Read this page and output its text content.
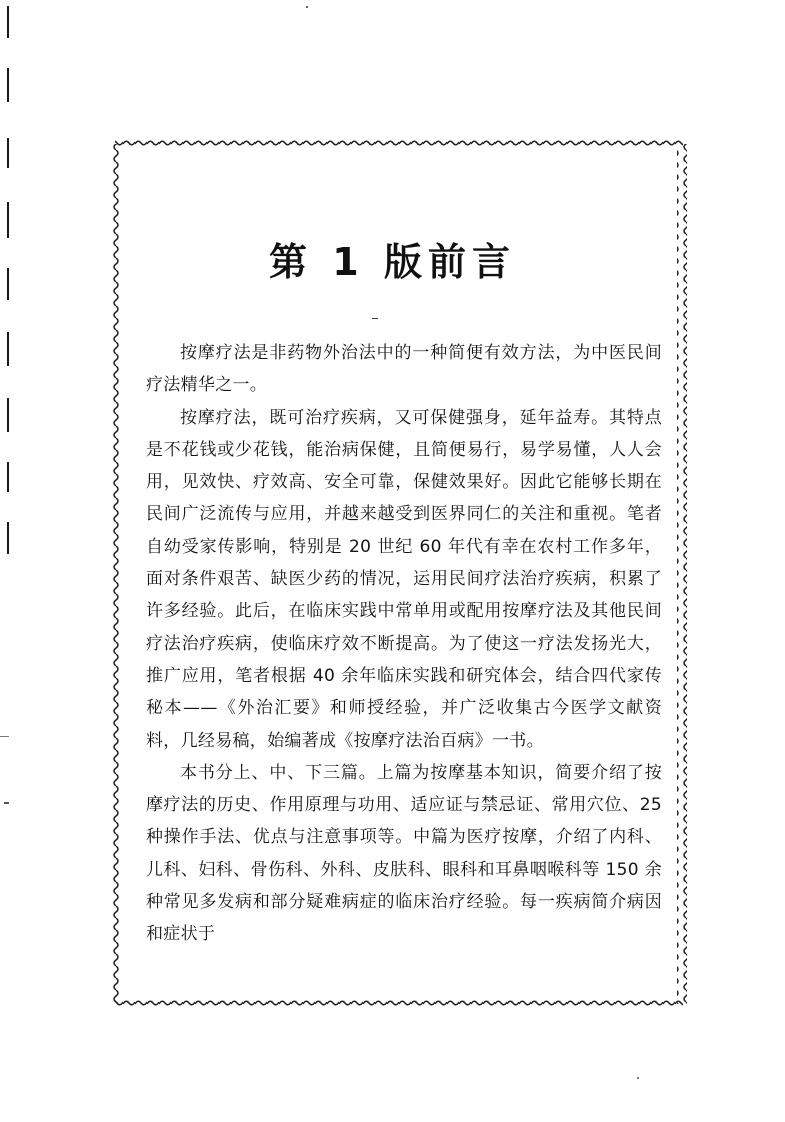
第 1 版前言

按摩疗法是非药物外治法中的一种简便有效方法，为中医民间疗法精华之一。

按摩疗法，既可治疗疾病，又可保健强身，延年益寿。其特点是不花钱或少花钱，能治病保健，且简便易行，易学易懂，人人会用，见效快、疗效高、安全可靠，保健效果好。因此它能够长期在民间广泛流传与应用，并越来越受到医界同仁的关注和重视。笔者自幼受家传影响，特别是 20 世纪 60 年代有幸在农村工作多年，面对条件艰苦、缺医少药的情况，运用民间疗法治疗疾病，积累了许多经验。此后，在临床实践中常单用或配用按摩疗法及其他民间疗法治疗疾病，使临床疗效不断提高。为了使这一疗法发扬光大，推广应用，笔者根据 40 余年临床实践和研究体会，结合四代家传秘本——《外治汇要》和师授经验，并广泛收集古今医学文献资料，几经易稿，始编著成《按摩疗法治百病》一书。

本书分上、中、下三篇。上篇为按摩基本知识，简要介绍了按摩疗法的历史、作用原理与功用、适应证与禁忌证、常用穴位、25 种操作手法、优点与注意事项等。中篇为医疗按摩，介绍了内科、儿科、妇科、骨伤科、外科、皮肤科、眼科和耳鼻咽喉科等 150 余种常见多发病和部分疑难病症的临床治疗经验。每一疾病简介病因和症状于
